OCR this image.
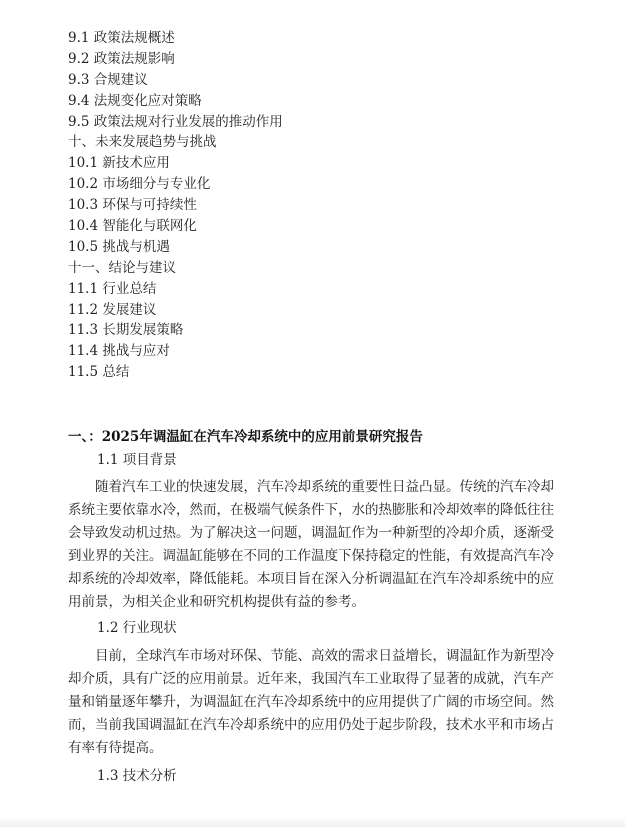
9.1 政策法规概述
9.2 政策法规影响
9.3 合规建议
9.4 法规变化应对策略
9.5 政策法规对行业发展的推动作用
十、未来发展趋势与挑战
10.1 新技术应用
10.2 市场细分与专业化
10.3 环保与可持续性
10.4 智能化与联网化
10.5 挑战与机遇
十一、结论与建议
11.1 行业总结
11.2 发展建议
11.3 长期发展策略
11.4 挑战与应对
11.5 总结
一、：2025年调温缸在汽车冷却系统中的应用前景研究报告
1.1 项目背景
随着汽车工业的快速发展，汽车冷却系统的重要性日益凸显。传统的汽车冷却
系统主要依靠水冷，然而，在极端气候条件下，水的热膨胀和冷却效率的降低往往
会导致发动机过热。为了解决这一问题，调温缸作为一种新型的冷却介质，逐渐受
到业界的关注。调温缸能够在不同的工作温度下保持稳定的性能，有效提高汽车冷
却系统的冷却效率，降低能耗。本项目旨在深入分析调温缸在汽车冷却系统中的应
用前景，为相关企业和研究机构提供有益的参考。
1.2 行业现状
目前，全球汽车市场对环保、节能、高效的需求日益增长，调温缸作为新型冷
却介质，具有广泛的应用前景。近年来，我国汽车工业取得了显著的成就，汽车产
量和销量逐年攀升，为调温缸在汽车冷却系统中的应用提供了广阔的市场空间。然
而，当前我国调温缸在汽车冷却系统中的应用仍处于起步阶段，技术水平和市场占
有率有待提高。
1.3 技术分析
